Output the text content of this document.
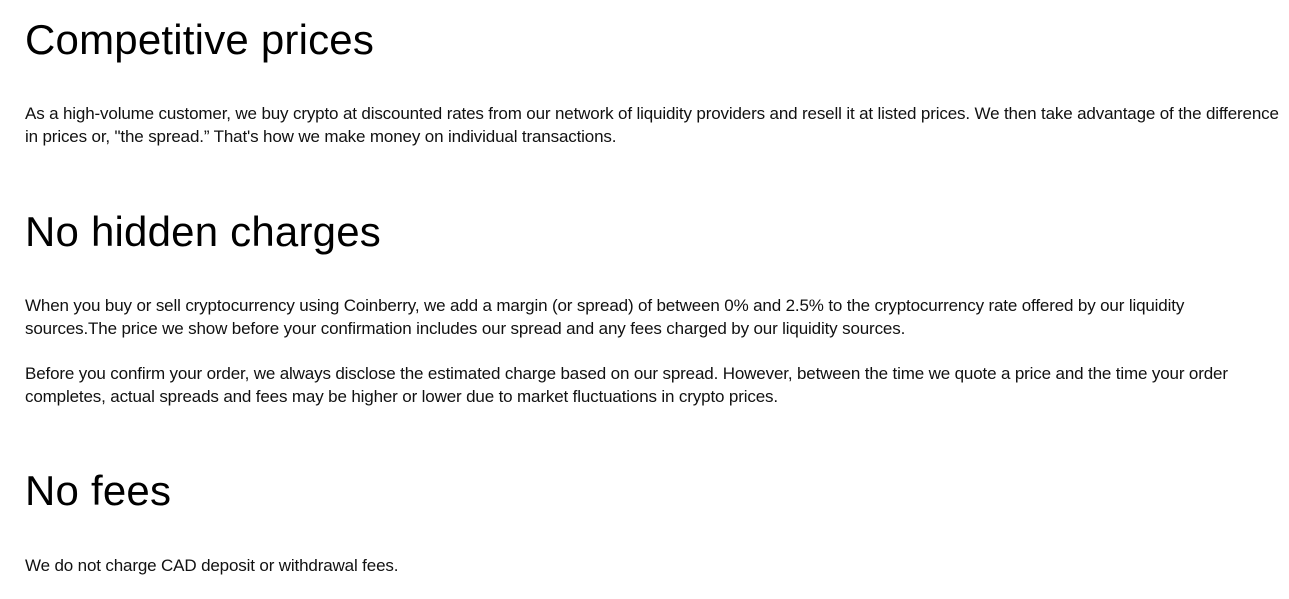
Competitive prices

As a high-volume customer, we buy crypto at discounted rates from our network of liquidity providers and resell it at listed prices. We then take advantage of the difference in prices or, "the spread.” That's how we make money on individual transactions.

No hidden charges

When you buy or sell cryptocurrency using Coinberry, we add a margin (or spread) of between 0% and 2.5% to the cryptocurrency rate offered by our liquidity sources.The price we show before your confirmation includes our spread and any fees charged by our liquidity sources.

Before you confirm your order, we always disclose the estimated charge based on our spread. However, between the time we quote a price and the time your order completes, actual spreads and fees may be higher or lower due to market fluctuations in crypto prices.

No fees

We do not charge CAD deposit or withdrawal fees.
